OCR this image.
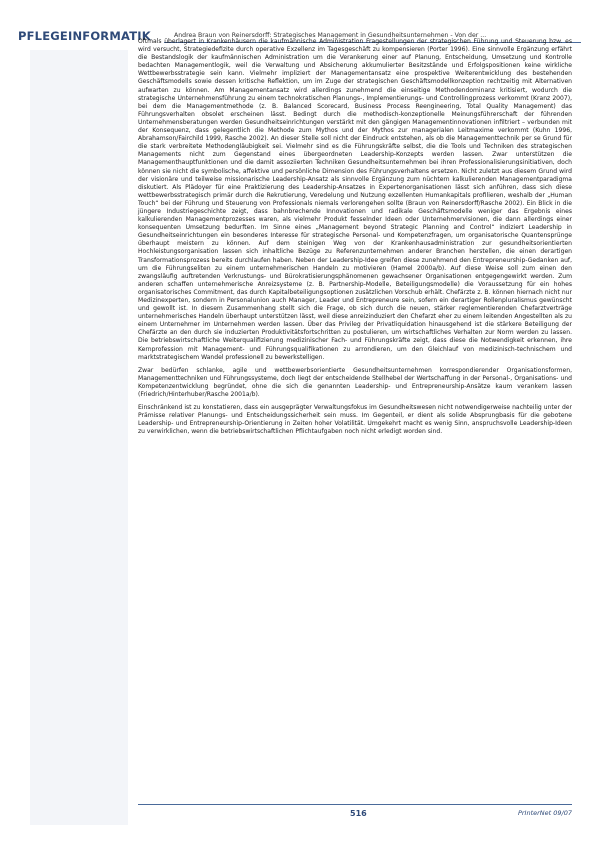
PFLEGEINFORMATIK	Andrea Braun von Reinersdorff: Strategisches Management in Gesundheitsunternehmen - Von der ...

Oftmals überlagert in Krankenhäusern die kaufmännische Administration Fragestellungen der strategischen Führung und Steuerung bzw. es wird versucht, Strategiedefizite durch operative Exzellenz im Tagesgeschäft zu kompensieren (Porter 1996). Eine sinnvolle Ergänzung erfährt die Bestandslogik der kaufmännischen Administration um die Verankerung einer auf Planung, Entscheidung, Umsetzung und Kontrolle bedachten Managementlogik, weil die Verwaltung und Absicherung akkumulierter Besitzstände und Erfolgspositionen keine wirkliche Wettbewerbsstrategie sein kann. Vielmehr impliziert der Managementansatz eine prospektive Weiterentwicklung des bestehenden Geschäftsmodells sowie dessen kritische Reflektion, um im Zuge der strategischen Geschäftsmodellkonzeption rechtzeitig mit Alternativen aufwarten zu können. Am Managementansatz wird allerdings zunehmend die einseitige Methodendominanz kritisiert, wodurch die strategische Unternehmensführung zu einem technokratischen Planungs-, Implementierungs- und Controllingprozess verkommt (Kranz 2007), bei dem die Managementmethode (z. B. Balanced Scorecard, Business Process Reengineering, Total Quality Management) das Führungsverhalten obsolet erscheinen lässt. Bedingt durch die methodisch-konzeptionelle Meinungsführerschaft der führenden Unternehmensberatungen werden Gesundheitseinrichtungen verstärkt mit den gängigen Managementinnovationen infiltriert – verbunden mit der Konsequenz, dass gelegentlich die Methode zum Mythos und der Mythos zur managerialen Leitmaxime verkommt (Kuhn 1996, Abrahamson/Fairchild 1999, Rasche 2002). An dieser Stelle soll nicht der Eindruck entstehen, als ob die Managementtechnik per se Grund für die stark verbreitete Methodengläubigkeit sei. Vielmehr sind es die Führungskräfte selbst, die die Tools und Techniken des strategischen Managements nicht zum Gegenstand eines übergeordneten Leadership-Konzepts werden lassen. Zwar unterstützen die Managementhauptfunktionen und die damit assoziierten Techniken Gesundheitsunternehmen bei ihren Professionalisierungsinitiativen, doch können sie nicht die symbolische, affektive und persönliche Dimension des Führungsverhaltens ersetzen. Nicht zuletzt aus diesem Grund wird der visionäre und teilweise missionarische Leadership-Ansatz als sinnvolle Ergänzung zum nüchtern kalkulierenden Managementparadigma diskutiert. Als Plädoyer für eine Praktizierung des Leadership-Ansatzes in Expertenorganisationen lässt sich anführen, dass sich diese wettbewerbsstrategisch primär durch die Rekrutierung, Veredelung und Nutzung exzellenten Humankapitals profilieren, weshalb der „Human Touch“ bei der Führung und Steuerung von Professionals niemals verlorengehen sollte (Braun von Reinersdorff/Rasche 2002). Ein Blick in die jüngere Industriegeschichte zeigt, dass bahnbrechende Innovationen und radikale Geschäftsmodelle weniger das Ergebnis eines kalkulierenden Managementprozesses waren, als vielmehr Produkt fesselnder Ideen oder Unternehmervisionen, die dann allerdings einer konsequenten Umsetzung bedurften. Im Sinne eines „Management beyond Strategic Planning and Control“ indiziert Leadership in Gesundheitseinrichtungen ein besonderes Interesse für strategische Personal- und Kompetenzfragen, um organisatorische Quantensprünge überhaupt meistern zu können. Auf dem steinigen Weg von der Krankenhausadministration zur gesundheitsorientierten Hochleistungsorganisation lassen sich inhaltliche Bezüge zu Referenzunternehmen anderer Branchen herstellen, die einen derartigen Transformationsprozess bereits durchlaufen haben. Neben der Leadership-Idee greifen diese zunehmend den Entrepreneurship-Gedanken auf, um die Führungseliten zu einem unternehmerischen Handeln zu motivieren (Hamel 2000a/b). Auf diese Weise soll zum einen den zwangsläufig auftretenden Verkrustungs- und Bürokratisierungsphänomenen gewachsener Organisationen entgegengewirkt werden. Zum anderen schaffen unternehmerische Anreizsysteme (z. B. Partnership-Modelle, Beteiligungsmodelle) die Voraussetzung für ein hohes organisatorisches Commitment, das durch Kapitalbeteiligungsoptionen zusätzlichen Vorschub erhält. Chefärzte z. B. können hiernach nicht nur Medizinexperten, sondern in Personalunion auch Manager, Leader und Entrepreneure sein, sofern ein derartiger Rollenpluralismus gewünscht und gewollt ist. In diesem Zusammenhang stellt sich die Frage, ob sich durch die neuen, stärker reglementierenden Chefarztverträge unternehmerisches Handeln überhaupt unterstützen lässt, weil diese anreizinduziert den Chefarzt eher zu einem leitenden Angestellten als zu einem Unternehmer im Unternehmen werden lassen. Über das Privileg der Privatliquidation hinausgehend ist die stärkere Beteiligung der Chefärzte an den durch sie induzierten Produktivitätsfortschritten zu postulieren, um wirtschaftliches Verhalten zur Norm werden zu lassen. Die betriebswirtschaftliche Weiterqualifizierung medizinischer Fach- und Führungskräfte zeigt, dass diese die Notwendigkeit erkennen, ihre Kernprofession mit Management- und Führungsqualifikationen zu arrondieren, um den Gleichlauf von medizinisch-technischem und marktstrategischem Wandel professionell zu bewerkstelligen.

Zwar bedürfen schlanke, agile und wettbewerbsorientierte Gesundheitsunternehmen korrespondierender Organisationsformen, Managementtechniken und Führungssysteme, doch liegt der entscheidende Stellhebel der Wertschaffung in der Personal-, Organisations- und Kompetenzentwicklung begründet, ohne die sich die genannten Leadership- und Entrepreneurship-Ansätze kaum verankern lassen (Friedrich/Hinterhuber/Rasche 2001a/b).

Einschränkend ist zu konstatieren, dass ein ausgeprägter Verwaltungsfokus im Gesundheitswesen nicht notwendigerweise nachteilig unter der Prämisse relativer Planungs- und Entscheidungssicherheit sein muss. Im Gegenteil, er dient als solide Absprungbasis für die gebotene Leadership- und Entrepreneurship-Orientierung in Zeiten hoher Volatilität. Umgekehrt macht es wenig Sinn, anspruchsvolle Leadership-Ideen zu verwirklichen, wenn die betriebswirtschaftlichen Pflichtaufgaben noch nicht erledigt worden sind.

516	PrInterNet 09/07
